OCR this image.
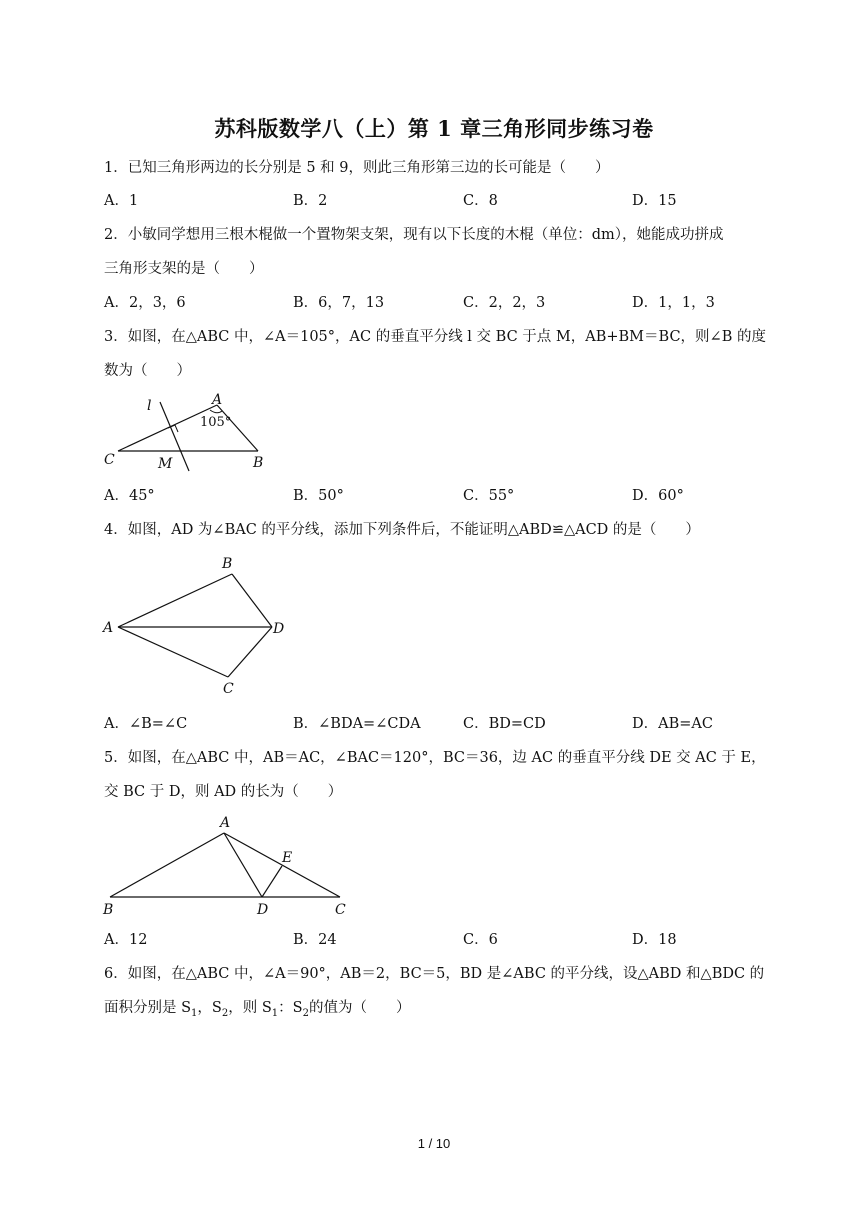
苏科版数学八（上）第 1 章三角形同步练习卷
1．已知三角形两边的长分别是 5 和 9，则此三角形第三边的长可能是（　　）
A．1	B．2	C．8	D．15
2．小敏同学想用三根木棍做一个置物架支架，现有以下长度的木棍（单位：dm），她能成功拼成
三角形支架的是（　　）
A．2，3，6	B．6，7，13	C．2，2，3	D．1，1，3
3．如图，在△ABC 中，∠A＝105°，AC 的垂直平分线 l 交 BC 于点 M，AB+BM＝BC，则∠B 的度
数为（　　）
l	A
105°
C	M	B
A．45°	B．50°	C．55°	D．60°
4．如图，AD 为∠BAC 的平分线，添加下列条件后，不能证明△ABD≌△ACD 的是（　　）
A
B
C
D
A．∠B=∠C	B．∠BDA=∠CDA	C．BD=CD	D．AB=AC
5．如图，在△ABC 中，AB＝AC，∠BAC＝120°，BC＝36，边 AC 的垂直平分线 DE 交 AC 于 E，
交 BC 于 D，则 AD 的长为（　　）
A
B	D	C
E
A．12	B．24	C．6	D．18
6．如图，在△ABC 中，∠A＝90°，AB＝2，BC＝5，BD 是∠ABC 的平分线，设△ABD 和△BDC 的
面积分别是 $S_1$，$S_2$，则 $S_1$：$S_2$的值为（　　）
1 / 10
